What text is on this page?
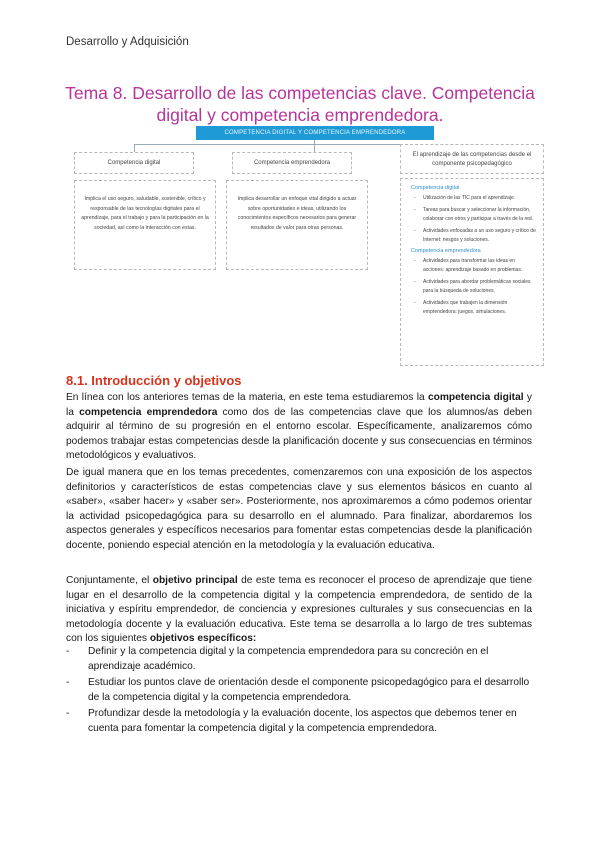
Desarrollo y Adquisición
Tema 8. Desarrollo de las competencias clave. Competencia
digital y competencia emprendedora.
COMPETENCIA DIGITAL Y COMPETENCIA EMPRENDEDORA
Competencia digital
Implica el uso seguro, saludable, sostenible, crítico y responsable de las tecnologías digitales para el aprendizaje, para el trabajo y para la participación en la sociedad, así como la interacción con estas.
Competencia emprendedora
Implica desarrollar un enfoque vital dirigido a actuar sobre oportunidades e ideas, utilizando los conocimientos específicos necesarios para generar resultados de valor para otras personas.
El aprendizaje de las competencias desde el componente psicopedagógico
Competencia digital
- Utilización de las TIC para el aprendizaje.
- Tareas para buscar y seleccionar la información, colaborar con otros y participar a través de la red.
- Actividades enfocadas a un uso seguro y crítico de Internet: riesgos y soluciones.
Competencia emprendedora
- Actividades para transformar las ideas en acciones: aprendizaje basado en problemas.
- Actividades para abordar problemáticas sociales para la búsqueda de soluciones.
- Actividades que trabajen la dimensión emprendedora: juegos, simulaciones.
8.1. Introducción y objetivos

En línea con los anteriores temas de la materia, en este tema estudiaremos la competencia digital y la competencia emprendedora como dos de las competencias clave que los alumnos/as deben adquirir al término de su progresión en el entorno escolar. Específicamente, analizaremos cómo podemos trabajar estas competencias desde la planificación docente y sus consecuencias en términos metodológicos y evaluativos.

De igual manera que en los temas precedentes, comenzaremos con una exposición de los aspectos definitorios y característicos de estas competencias clave y sus elementos básicos en cuanto al «saber», «saber hacer» y «saber ser». Posteriormente, nos aproximaremos a cómo podemos orientar la actividad psicopedagógica para su desarrollo en el alumnado. Para finalizar, abordaremos los aspectos generales y específicos necesarios para fomentar estas competencias desde la planificación docente, poniendo especial atención en la metodología y la evaluación educativa.

Conjuntamente, el objetivo principal de este tema es reconocer el proceso de aprendizaje que tiene lugar en el desarrollo de la competencia digital y la competencia emprendedora, de sentido de la iniciativa y espíritu emprendedor, de conciencia y expresiones culturales y sus consecuencias en la metodología docente y la evaluación educativa. Este tema se desarrolla a lo largo de tres subtemas con los siguientes objetivos específicos:

- Definir y la competencia digital y la competencia emprendedora para su concreción en el aprendizaje académico.
- Estudiar los puntos clave de orientación desde el componente psicopedagógico para el desarrollo de la competencia digital y la competencia emprendedora.
- Profundizar desde la metodología y la evaluación docente, los aspectos que debemos tener en cuenta para fomentar la competencia digital y la competencia emprendedora.
